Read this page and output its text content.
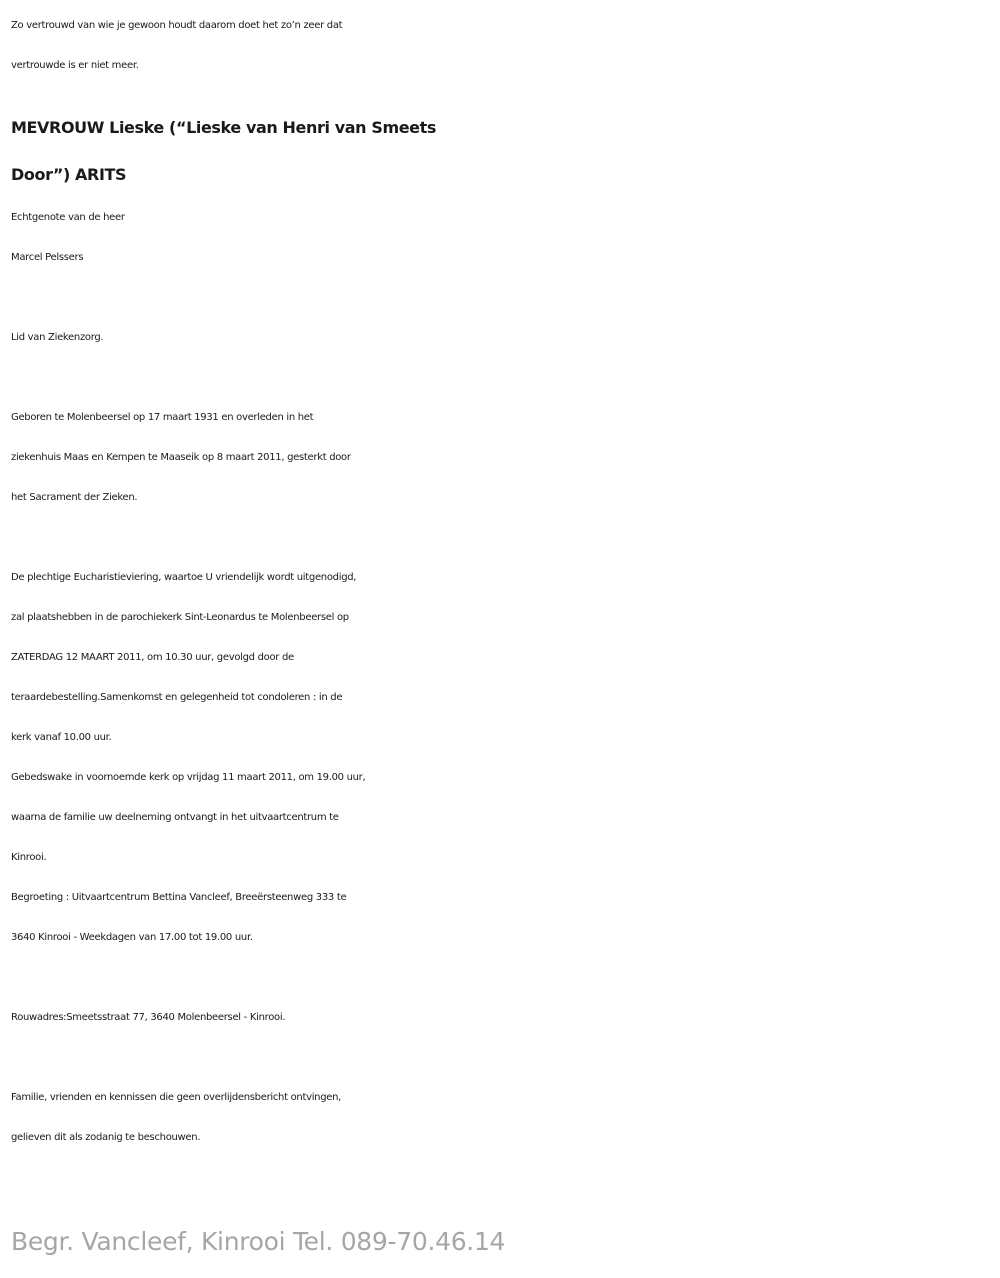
Zo vertrouwd van wie je gewoon houdt daarom doet het zo’n zeer dat
vertrouwde is er niet meer.
MEVROUW Lieske (“Lieske van Henri van Smeets
Door”) ARITS
Echtgenote van de heer
Marcel Pelssers
Lid van Ziekenzorg.
Geboren te Molenbeersel op 17 maart 1931 en overleden in het
ziekenhuis Maas en Kempen te Maaseik op 8 maart 2011, gesterkt door
het Sacrament der Zieken.
De plechtige Eucharistieviering, waartoe U vriendelijk wordt uitgenodigd,
zal plaatshebben in de parochiekerk Sint-Leonardus te Molenbeersel op
ZATERDAG 12 MAART 2011, om 10.30 uur, gevolgd door de
teraardebestelling.Samenkomst en gelegenheid tot condoleren : in de
kerk vanaf 10.00 uur.
Gebedswake in voornoemde kerk op vrijdag 11 maart 2011, om 19.00 uur,
waarna de familie uw deelneming ontvangt in het uitvaartcentrum te
Kinrooi.
Begroeting : Uitvaartcentrum Bettina Vancleef, Breeërsteenweg 333 te
3640 Kinrooi - Weekdagen van 17.00 tot 19.00 uur.
Rouwadres:Smeetsstraat 77, 3640 Molenbeersel - Kinrooi.
Familie, vrienden en kennissen die geen overlijdensbericht ontvingen,
gelieven dit als zodanig te beschouwen.
Begr. Vancleef, Kinrooi Tel. 089-70.46.14
